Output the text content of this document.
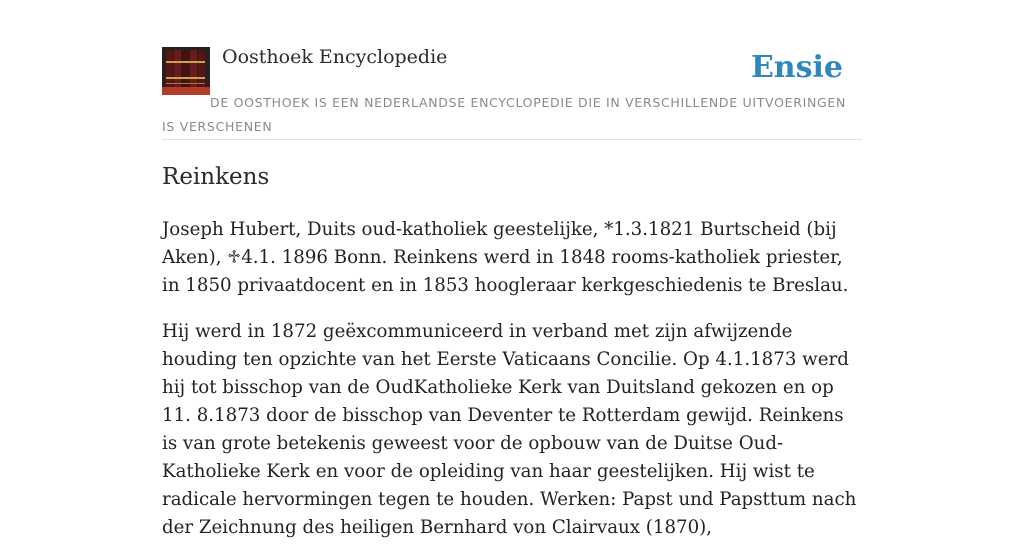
Oosthoek Encyclopedie	Ensie
DE OOSTHOEK IS EEN NEDERLANDSE ENCYCLOPEDIE DIE IN VERSCHILLENDE UITVOERINGEN IS VERSCHENEN
Reinkens

Joseph Hubert, Duits oud-katholiek geestelijke, *1.3.1821 Burtscheid (bij Aken), ♱4.1. 1896 Bonn. Reinkens werd in 1848 rooms-katholiek priester, in 1850 privaatdocent en in 1853 hoogleraar kerkgeschiedenis te Breslau.

Hij werd in 1872 geëxcommuniceerd in verband met zijn afwijzende houding ten opzichte van het Eerste Vaticaans Concilie. Op 4.1.1873 werd hij tot bisschop van de OudKatholieke Kerk van Duitsland gekozen en op 11. 8.1873 door de bisschop van Deventer te Rotterdam gewijd. Reinkens is van grote betekenis geweest voor de opbouw van de Duitse Oud-Katholieke Kerk en voor de opleiding van haar geestelijken. Hij wist te radicale hervormingen tegen te houden. Werken: Papst und Papsttum nach der Zeichnung des heiligen Bernhard von Clairvaux (1870),
